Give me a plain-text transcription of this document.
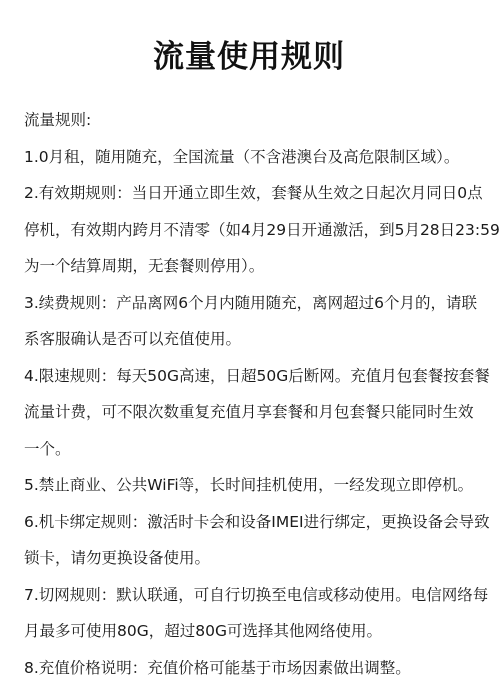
流量使用规则
流量规则:
1.0月租，随用随充，全国流量（不含港澳台及高危限制区域）。
2.有效期规则：当日开通立即生效，套餐从生效之日起次月同日0点
停机，有效期内跨月不清零（如4月29日开通激活，到5月28日23:59
为一个结算周期，无套餐则停用）。
3.续费规则：产品离网6个月内随用随充，离网超过6个月的，请联
系客服确认是否可以充值使用。
4.限速规则：每天50G高速，日超50G后断网。充值月包套餐按套餐
流量计费，可不限次数重复充值月享套餐和月包套餐只能同时生效
一个。
5.禁止商业、公共WiFi等，长时间挂机使用，一经发现立即停机。
6.机卡绑定规则：激活时卡会和设备IMEI进行绑定，更换设备会导致
锁卡，请勿更换设备使用。
7.切网规则：默认联通，可自行切换至电信或移动使用。电信网络每
月最多可使用80G，超过80G可选择其他网络使用。
8.充值价格说明：充值价格可能基于市场因素做出调整。
